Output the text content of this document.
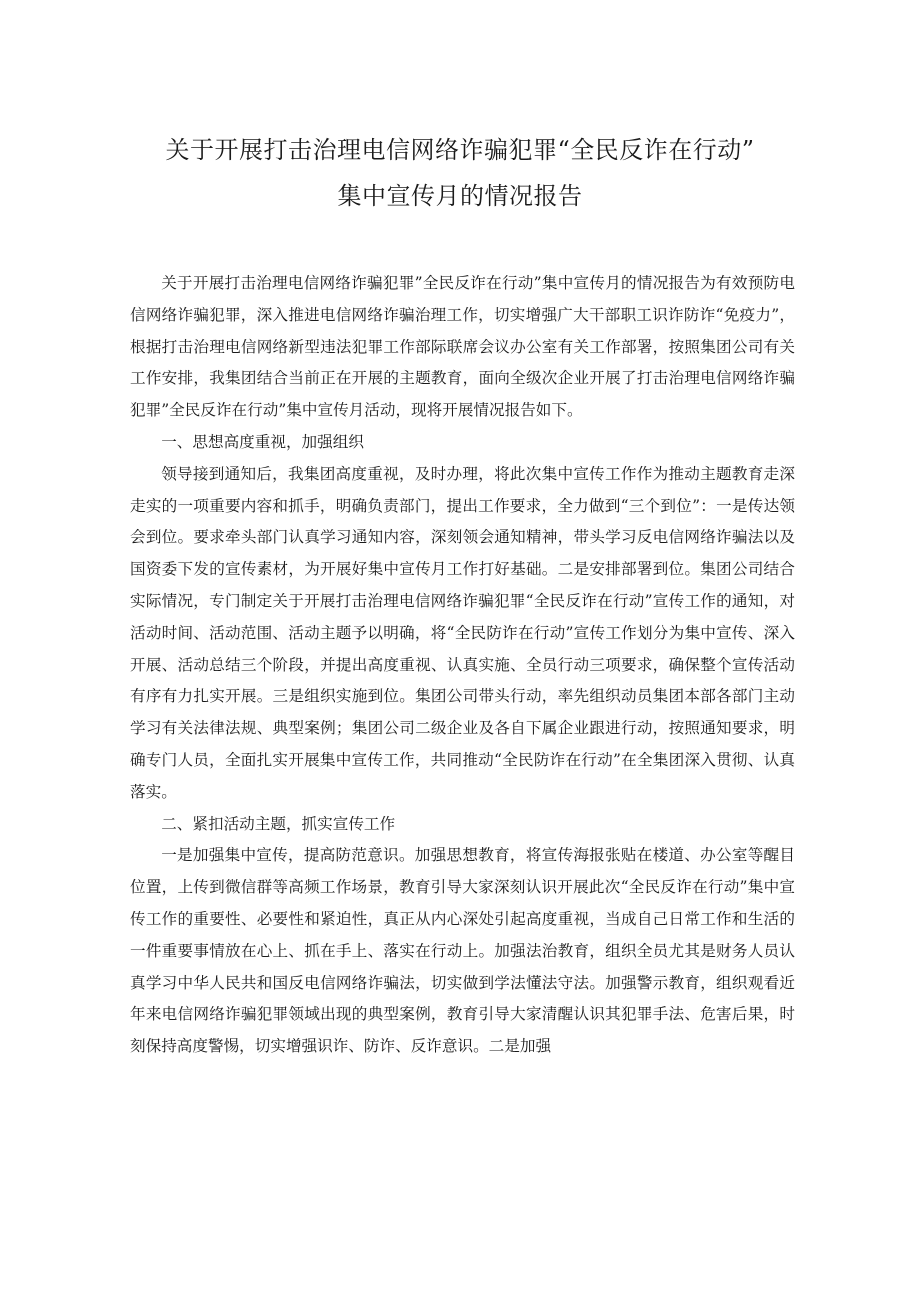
关于开展打击治理电信网络诈骗犯罪“全民反诈在行动”
集中宣传月的情况报告

关于开展打击治理电信网络诈骗犯罪”全民反诈在行动”集中宣传月的情况报告为有效预防电信网络诈骗犯罪，深入推进电信网络诈骗治理工作，切实增强广大干部职工识诈防诈“免疫力”，根据打击治理电信网络新型违法犯罪工作部际联席会议办公室有关工作部署，按照集团公司有关工作安排，我集团结合当前正在开展的主题教育，面向全级次企业开展了打击治理电信网络诈骗犯罪”全民反诈在行动”集中宣传月活动，现将开展情况报告如下。

一、思想高度重视，加强组织

领导接到通知后，我集团高度重视，及时办理，将此次集中宣传工作作为推动主题教育走深走实的一项重要内容和抓手，明确负责部门，提出工作要求，全力做到“三个到位”：一是传达领会到位。要求牵头部门认真学习通知内容，深刻领会通知精神，带头学习反电信网络诈骗法以及国资委下发的宣传素材，为开展好集中宣传月工作打好基础。二是安排部署到位。集团公司结合实际情况，专门制定关于开展打击治理电信网络诈骗犯罪“全民反诈在行动”宣传工作的通知，对活动时间、活动范围、活动主题予以明确，将“全民防诈在行动”宣传工作划分为集中宣传、深入开展、活动总结三个阶段，并提出高度重视、认真实施、全员行动三项要求，确保整个宣传活动有序有力扎实开展。三是组织实施到位。集团公司带头行动，率先组织动员集团本部各部门主动学习有关法律法规、典型案例；集团公司二级企业及各自下属企业跟进行动，按照通知要求，明确专门人员，全面扎实开展集中宣传工作，共同推动“全民防诈在行动”在全集团深入贯彻、认真落实。

二、紧扣活动主题，抓实宣传工作

一是加强集中宣传，提高防范意识。加强思想教育，将宣传海报张贴在楼道、办公室等醒目位置，上传到微信群等高频工作场景，教育引导大家深刻认识开展此次“全民反诈在行动”集中宣传工作的重要性、必要性和紧迫性，真正从内心深处引起高度重视，当成自己日常工作和生活的一件重要事情放在心上、抓在手上、落实在行动上。加强法治教育，组织全员尤其是财务人员认真学习中华人民共和国反电信网络诈骗法，切实做到学法懂法守法。加强警示教育，组织观看近年来电信网络诈骗犯罪领域出现的典型案例，教育引导大家清醒认识其犯罪手法、危害后果，时刻保持高度警惕，切实增强识诈、防诈、反诈意识。二是加强
